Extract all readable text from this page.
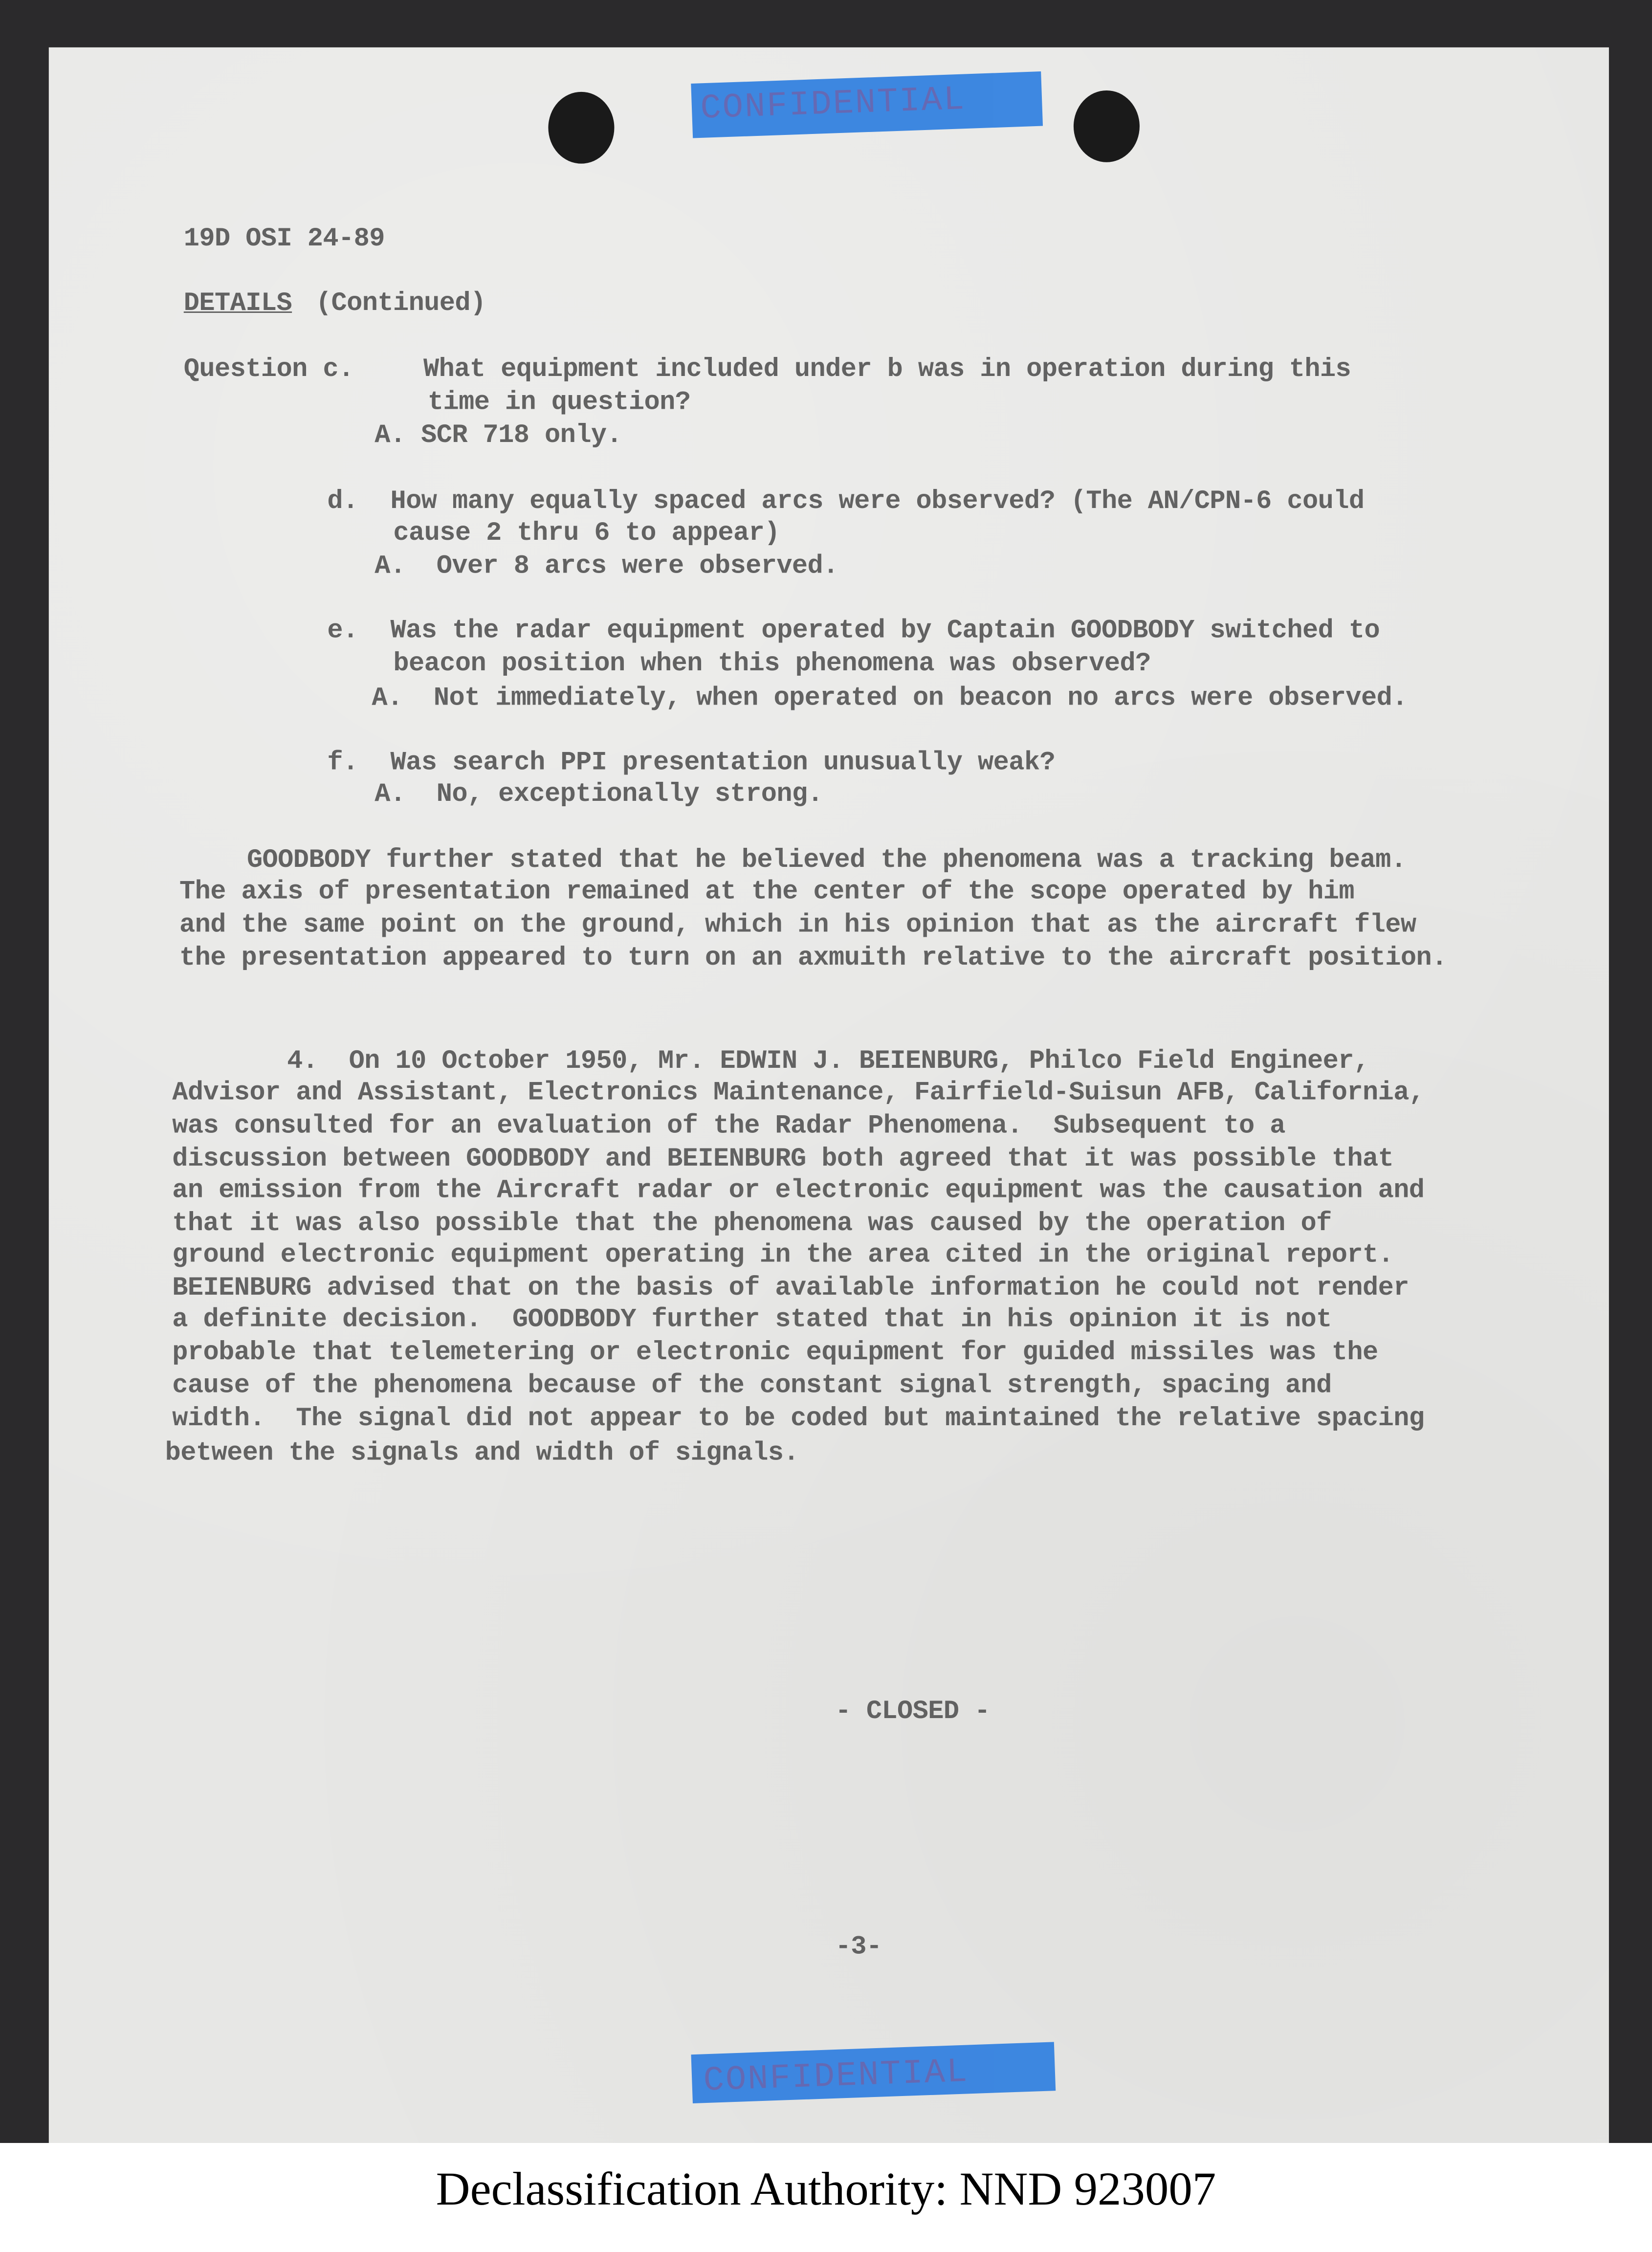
CONFIDENTIAL
CONFIDENTIAL
19D OSI 24-89
DETAILS	(Continued)
Question c.	What equipment included under b was in operation during this
time in question?
A. SCR 718 only.
d.	How many equally spaced arcs were observed? (The AN/CPN-6 could
cause 2 thru 6 to appear)
A.  Over 8 arcs were observed.
e.	Was the radar equipment operated by Captain GOODBODY switched to
beacon position when this phenomena was observed?
A.  Not immediately, when operated on beacon no arcs were observed.
f.	Was search PPI presentation unusually weak?
A.  No, exceptionally strong.
GOODBODY further stated that he believed the phenomena was a tracking beam.
The axis of presentation remained at the center of the scope operated by him
and the same point on the ground, which in his opinion that as the aircraft flew
the presentation appeared to turn on an axmuith relative to the aircraft position.
4.  On 10 October 1950, Mr. EDWIN J. BEIENBURG, Philco Field Engineer,
Advisor and Assistant, Electronics Maintenance, Fairfield-Suisun AFB, California,
was consulted for an evaluation of the Radar Phenomena.  Subsequent to a
discussion between GOODBODY and BEIENBURG both agreed that it was possible that
an emission from the Aircraft radar or electronic equipment was the causation and
that it was also possible that the phenomena was caused by the operation of
ground electronic equipment operating in the area cited in the original report.
BEIENBURG advised that on the basis of available information he could not render
a definite decision.  GOODBODY further stated that in his opinion it is not
probable that telemetering or electronic equipment for guided missiles was the
cause of the phenomena because of the constant signal strength, spacing and
width.  The signal did not appear to be coded but maintained the relative spacing
between the signals and width of signals.
- CLOSED -
-3-
Declassification Authority: NND 923007
